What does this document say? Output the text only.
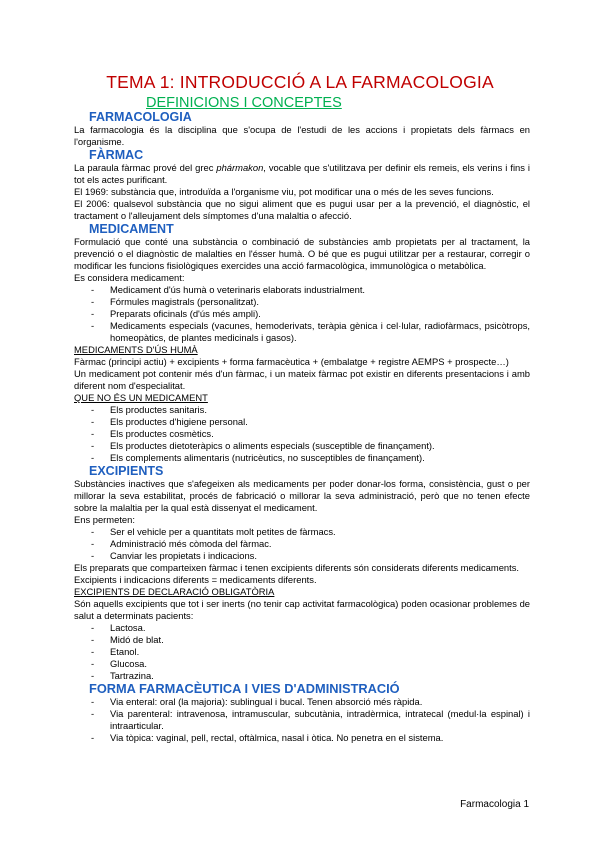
TEMA 1: INTRODUCCIÓ A LA FARMACOLOGIA
DEFINICIONS I CONCEPTES

FARMACOLOGIA

La farmacologia és la disciplina que s'ocupa de l'estudi de les accions i propietats dels fàrmacs en l'organisme.

FÀRMAC

La paraula fàrmac prové del grec phármakon, vocable que s'utilitzava per definir els remeis, els verins i fins i tot els actes purificant.

El 1969: substància que, introduïda a l'organisme viu, pot modificar una o més de les seves funcions.

El 2006: qualsevol substància que no sigui aliment que es pugui usar per a la prevenció, el diagnòstic, el tractament o l'alleujament dels símptomes d'una malaltia o afecció.

MEDICAMENT

Formulació que conté una substància o combinació de substàncies amb propietats per al tractament, la prevenció o el diagnòstic de malalties en l'ésser humà. O bé que es pugui utilitzar per a restaurar, corregir o modificar les funcions fisiològiques exercides una acció farmacològica, immunològica o metabòlica.

Es considera medicament:

- Medicament d'ús humà o veterinaris elaborats industrialment.
- Fórmules magistrals (personalitzat).
- Preparats oficinals (d'ús més ampli).
- Medicaments especials (vacunes, hemoderivats, teràpia gènica i cel·lular, radiofàrmacs, psicòtrops, homeopàtics, de plantes medicinals i gasos).

MEDICAMENTS D'ÚS HUMÀ

Fàrmac (principi actiu) + excipients + forma farmacèutica + (embalatge + registre AEMPS + prospecte…)

Un medicament pot contenir més d'un fàrmac, i un mateix fàrmac pot existir en diferents presentacions i amb diferent nom d'especialitat.

QUE NO ÉS UN MEDICAMENT

- Els productes sanitaris.
- Els productes d'higiene personal.
- Els productes cosmètics.
- Els productes dietoteràpics o aliments especials (susceptible de finançament).
- Els complements alimentaris (nutricèutics, no susceptibles de finançament).

EXCIPIENTS

Substàncies inactives que s'afegeixen als medicaments per poder donar-los forma, consistència, gust o per millorar la seva estabilitat, procés de fabricació o millorar la seva administració, però que no tenen efecte sobre la malaltia per la qual està dissenyat el medicament.

Ens permeten:

- Ser el vehicle per a quantitats molt petites de fàrmacs.
- Administració més còmoda del fàrmac.
- Canviar les propietats i indicacions.

Els preparats que comparteixen fàrmac i tenen excipients diferents són considerats diferents medicaments.

Excipients i indicacions diferents = medicaments diferents.

EXCIPIENTS DE DECLARACIÓ OBLIGATÒRIA

Són aquells excipients que tot i ser inerts (no tenir cap activitat farmacològica) poden ocasionar problemes de salut a determinats pacients:

- Lactosa.
- Midó de blat.
- Etanol.
- Glucosa.
- Tartrazina.

FORMA FARMACÈUTICA I VIES D'ADMINISTRACIÓ

- Via enteral: oral (la majoria): sublingual i bucal. Tenen absorció més ràpida.
- Via parenteral: intravenosa, intramuscular, subcutània, intradèrmica, intratecal (medul·la espinal) i intraarticular.
- Via tòpica: vaginal, pell, rectal, oftàlmica, nasal i òtica. No penetra en el sistema.
Farmacologia 1
